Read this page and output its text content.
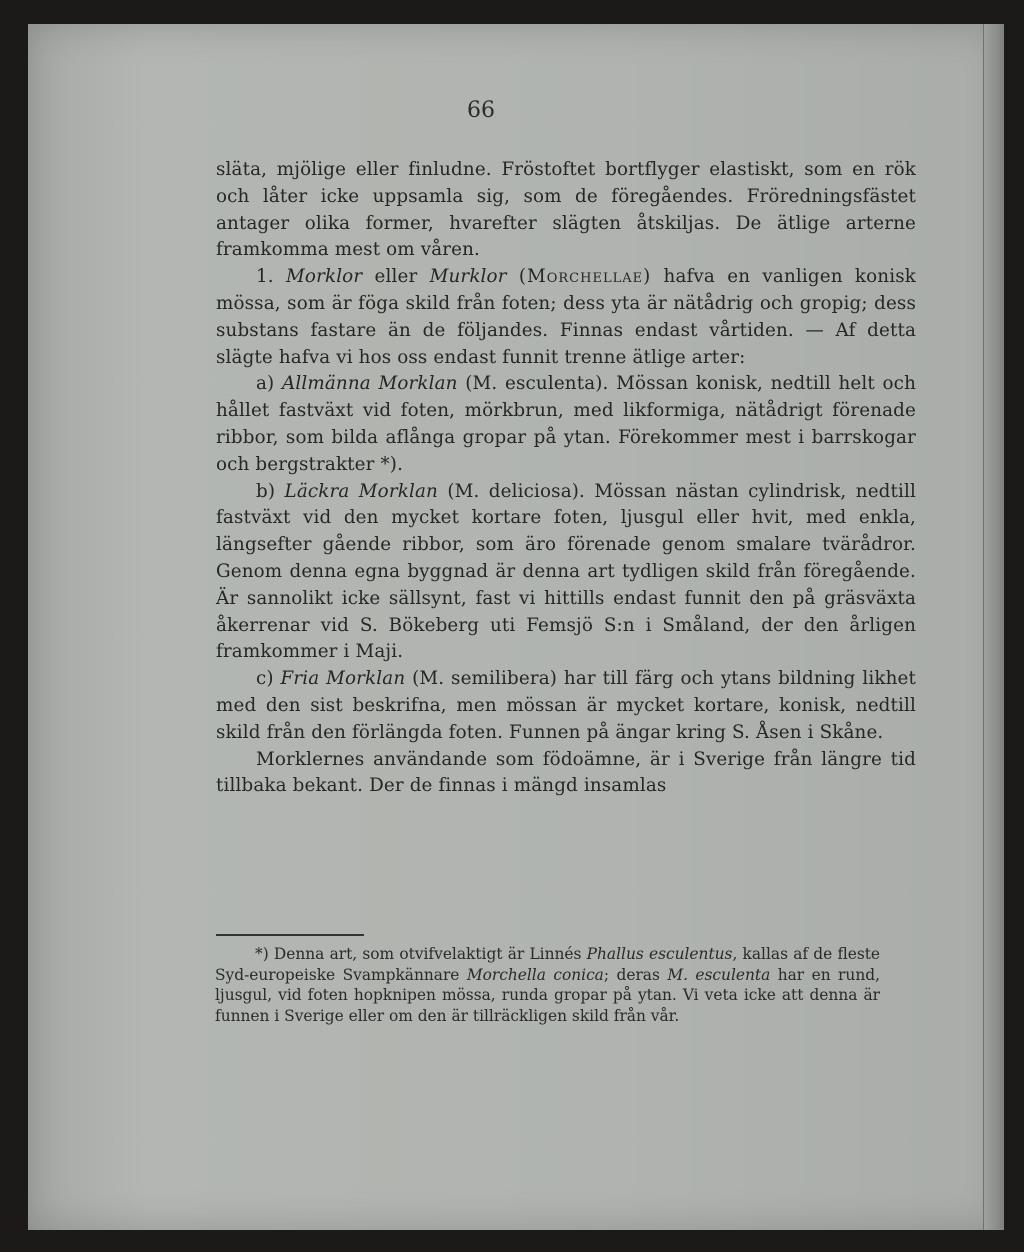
66

släta, mjölige eller finludne. Fröstoftet bortflyger elastiskt, som en rök och låter icke uppsamla sig, som de föregåendes. Fröredningsfästet antager olika former, hvarefter slägten åtskiljas. De ätlige arterne framkomma mest om våren.

1. Morklor eller Murklor (Morchellae) hafva en vanligen konisk mössa, som är föga skild från foten; dess yta är nätådrig och gropig; dess substans fastare än de följandes. Finnas endast vårtiden. — Af detta slägte hafva vi hos oss endast funnit trenne ätlige arter:

a) Allmänna Morklan (M. esculenta). Mössan konisk, nedtill helt och hållet fastväxt vid foten, mörkbrun, med likformiga, nätådrigt förenade ribbor, som bilda aflånga gropar på ytan. Förekommer mest i barrskogar och bergstrakter *).

b) Läckra Morklan (M. deliciosa). Mössan nästan cylindrisk, nedtill fastväxt vid den mycket kortare foten, ljusgul eller hvit, med enkla, längsefter gående ribbor, som äro förenade genom smalare tvärådror. Genom denna egna byggnad är denna art tydligen skild från föregående. Är sannolikt icke sällsynt, fast vi hittills endast funnit den på gräsväxta åkerrenar vid S. Bökeberg uti Femsjö S:n i Småland, der den årligen framkommer i Maji.

c) Fria Morklan (M. semilibera) har till färg och ytans bildning likhet med den sist beskrifna, men mössan är mycket kortare, konisk, nedtill skild från den förlängda foten. Funnen på ängar kring S. Åsen i Skåne.

Morklernes användande som födoämne, är i Sverige från längre tid tillbaka bekant. Der de finnas i mängd insamlas

*) Denna art, som otvifvelaktigt är Linnés Phallus esculentus, kallas af de fleste Syd-europeiske Svampkännare Morchella conica; deras M. esculenta har en rund, ljusgul, vid foten hopknipen mössa, runda gropar på ytan. Vi veta icke att denna är funnen i Sverige eller om den är tillräckligen skild från vår.
